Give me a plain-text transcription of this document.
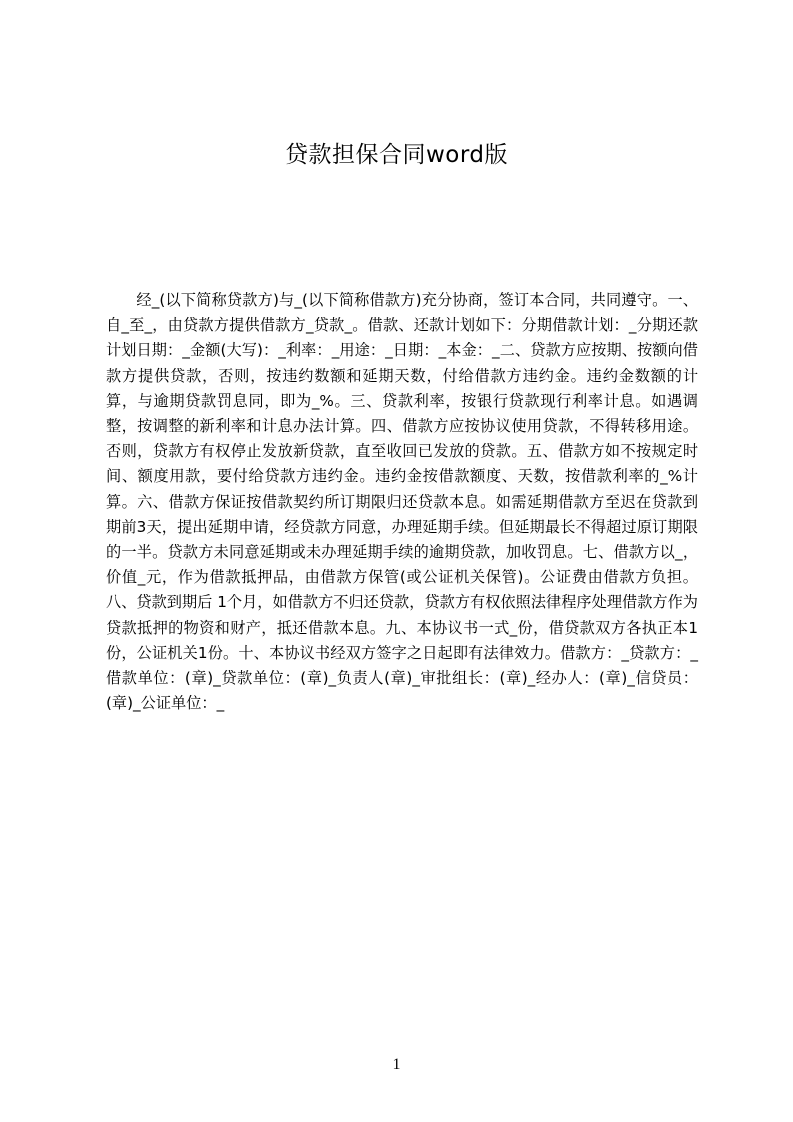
贷款担保合同word版

经_(以下简称贷款方)与_(以下简称借款方)充分协商，签订本合同，共同遵守。一、自_至_，由贷款方提供借款方_贷款_。借款、还款计划如下：分期借款计划：_分期还款计划日期：_金额(大写)：_利率：_用途：_日期：_本金：_二、贷款方应按期、按额向借款方提供贷款，否则，按违约数额和延期天数，付给借款方违约金。违约金数额的计算，与逾期贷款罚息同，即为_%。三、贷款利率，按银行贷款现行利率计息。如遇调整，按调整的新利率和计息办法计算。四、借款方应按协议使用贷款，不得转移用途。否则，贷款方有权停止发放新贷款，直至收回已发放的贷款。五、借款方如不按规定时间、额度用款，要付给贷款方违约金。违约金按借款额度、天数，按借款利率的_%计算。六、借款方保证按借款契约所订期限归还贷款本息。如需延期借款方至迟在贷款到期前3天，提出延期申请，经贷款方同意，办理延期手续。但延期最长不得超过原订期限的一半。贷款方未同意延期或未办理延期手续的逾期贷款，加收罚息。七、借款方以_，价值_元，作为借款抵押品，由借款方保管(或公证机关保管)。公证费由借款方负担。八、贷款到期后 1个月，如借款方不归还贷款，贷款方有权依照法律程序处理借款方作为贷款抵押的物资和财产，抵还借款本息。九、本协议书一式_份，借贷款双方各执正本1份，公证机关1份。十、本协议书经双方签字之日起即有法律效力。借款方：_贷款方：_借款单位：(章)_贷款单位：(章)_负责人(章)_审批组长：(章)_经办人：(章)_信贷员：(章)_公证单位：_

1
